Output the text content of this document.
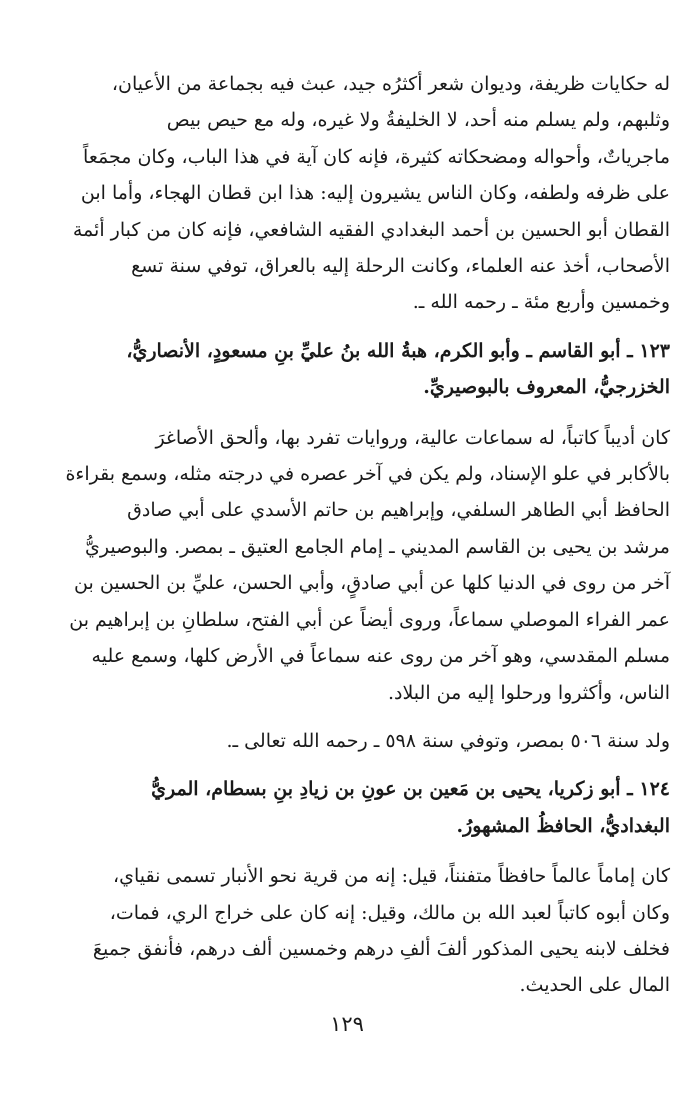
له حكايات ظريفة، وديوان شعر أكثرُه جيد، عبث فيه بجماعة من الأعيان،
وثلبهم، ولم يسلم منه أحد، لا الخليفةُ ولا غيره، وله مع حيص بيص
ماجرياتٌ، وأحواله ومضحكاته كثيرة، فإنه كان آية في هذا الباب، وكان مجمَعاً
على ظرفه ولطفه، وكان الناس يشيرون إليه: هذا ابن قطان الهجاء، وأما ابن
القطان أبو الحسين بن أحمد البغدادي الفقيه الشافعي، فإنه كان من كبار أئمة
الأصحاب، أخذ عنه العلماء، وكانت الرحلة إليه بالعراق، توفي سنة تسع
وخمسين وأربع مئة ـ رحمه الله ـ.

١٢٣ ـ أبو القاسم ـ وأبو الكرم، هبةُ الله بنُ عليِّ بنِ مسعودٍ، الأنصاريُّ،
الخزرجيُّ، المعروف بالبوصيريِّ.

كان أديباً كاتباً، له سماعات عالية، وروايات تفرد بها، وألحق الأصاغرَ
بالأكابر في علو الإسناد، ولم يكن في آخر عصره في درجته مثله، وسمع بقراءة
الحافظ أبي الطاهر السلفي، وإبراهيم بن حاتم الأسدي على أبي صادق
مرشد بن يحيى بن القاسم المديني ـ إمام الجامع العتيق ـ بمصر. والبوصيريُّ
آخر من روى في الدنيا كلها عن أبي صادقٍ، وأبي الحسن، عليِّ بن الحسين بن
عمر الفراء الموصلي سماعاً، وروى أيضاً عن أبي الفتح، سلطانِ بن إبراهيم بن
مسلم المقدسي، وهو آخر من روى عنه سماعاً في الأرض كلها، وسمع عليه
الناس، وأكثروا ورحلوا إليه من البلاد.

ولد سنة ٥٠٦ بمصر، وتوفي سنة ٥٩٨ ـ رحمه الله تعالى ـ.

١٢٤ ـ أبو زكريا، يحيى بن مَعين بن عونِ بن زيادِ بنِ بسطام، المريُّ
البغداديُّ، الحافظُ المشهورُ.

كان إماماً عالماً حافظاً متفنناً، قيل: إنه من قرية نحو الأنبار تسمى نقياي،
وكان أبوه كاتباً لعبد الله بن مالك، وقيل: إنه كان على خراج الري، فمات،
فخلف لابنه يحيى المذكور ألفَ ألفِ درهم وخمسين ألف درهم، فأنفق جميعَ
المال على الحديث.

١٢٩
